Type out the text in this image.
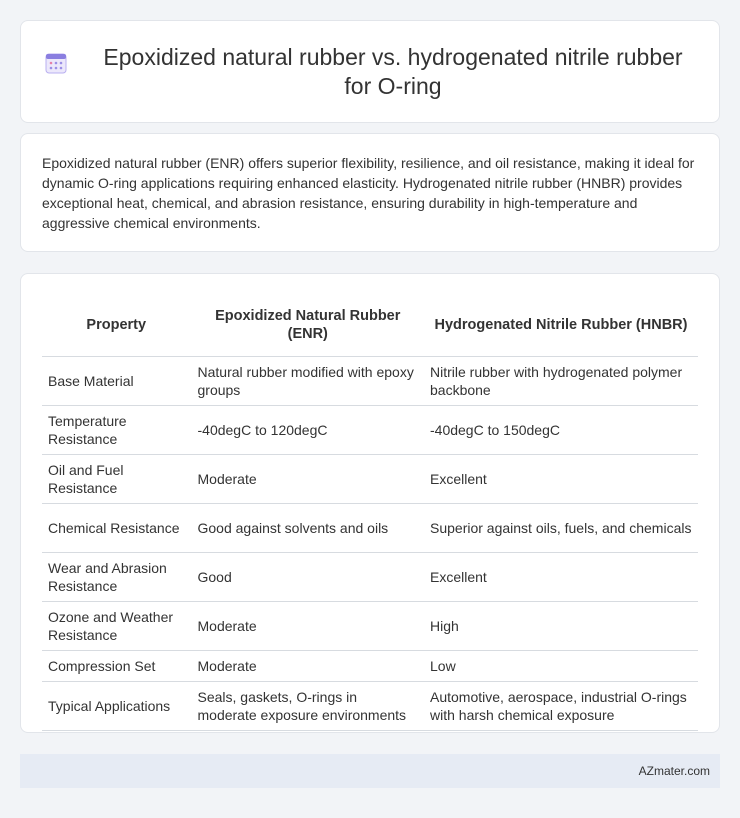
Epoxidized natural rubber vs. hydrogenated nitrile rubber for O-ring

Epoxidized natural rubber (ENR) offers superior flexibility, resilience, and oil resistance, making it ideal for dynamic O-ring applications requiring enhanced elasticity. Hydrogenated nitrile rubber (HNBR) provides exceptional heat, chemical, and abrasion resistance, ensuring durability in high-temperature and aggressive chemical environments.

Property	Epoxidized Natural Rubber (ENR)	Hydrogenated Nitrile Rubber (HNBR)
Base Material	Natural rubber modified with epoxy groups	Nitrile rubber with hydrogenated polymer backbone
Temperature Resistance	-40degC to 120degC	-40degC to 150degC
Oil and Fuel Resistance	Moderate	Excellent
Chemical Resistance	Good against solvents and oils	Superior against oils, fuels, and chemicals
Wear and Abrasion Resistance	Good	Excellent
Ozone and Weather Resistance	Moderate	High
Compression Set	Moderate	Low
Typical Applications	Seals, gaskets, O-rings in moderate exposure environments	Automotive, aerospace, industrial O-rings with harsh chemical exposure
AZmater.com
